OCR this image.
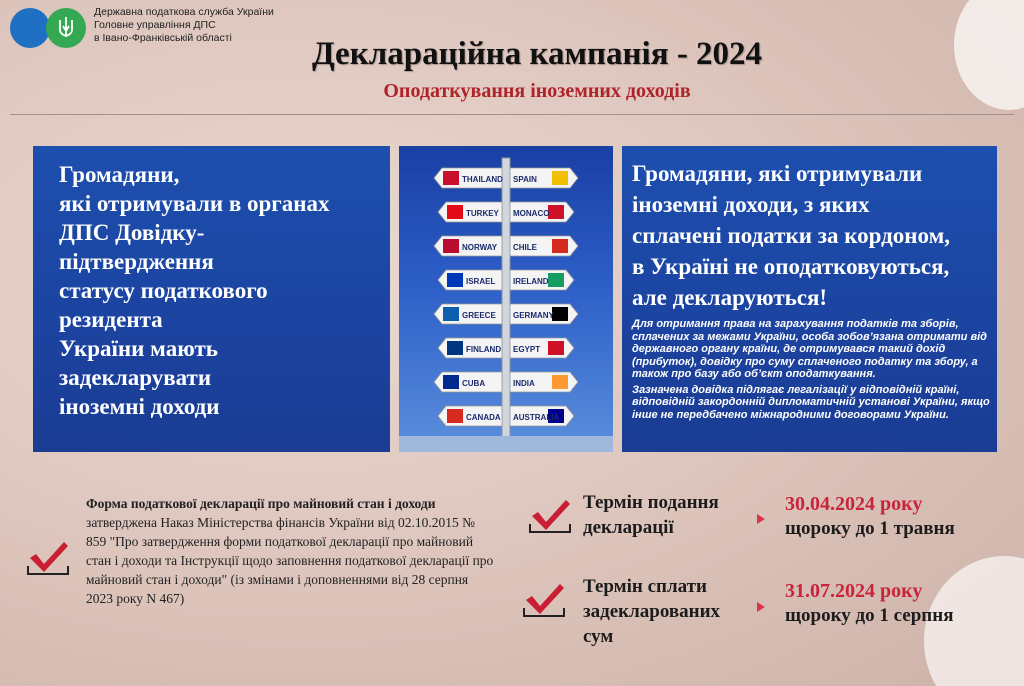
Державна податкова служба України
Головне управління ДПС
в Івано-Франківській області	Деклараційна кампанія - 2024
Оподаткування іноземних доходів
Громадяни,
які отримували в органах
ДПС Довідку-
підтвердження
статусу податкового
резидента
України мають
задекларувати
іноземні доходи
THAILAND
TURKEY
NORWAY
ISRAEL
GREECE
FINLAND
CUBA
CANADA
SPAIN
MONACO
CHILE
IRELAND
GERMANY
EGYPT
INDIA
AUSTRALIA
Громадяни, які отримували
іноземні доходи, з яких
сплачені податки за кордоном,
в Україні не оподатковуються,
але декларуються!

Для отримання права на зарахування податків та зборів, сплачених за межами України, особа зобов’язана отримати від державного органу країни, де отримувався такий дохід (прибуток), довідку про суму сплаченого податку та збору, а також про базу або об’єкт оподаткування.

Зазначена довідка підлягає легалізації у відповідній країні, відповідній закордонній дипломатичній установі України, якщо інше не передбачено міжнародними договорами України.

Форма податкової декларації про майновий стан і доходи затверджена Наказ Міністерства фінансів України від 02.10.2015 № 859 "Про затвердження форми податкової декларації про майновий стан і доходи та Інструкції щодо заповнення податкової декларації про майновий стан і доходи" (із змінами і доповненнями від 28 серпня 2023 року N 467)
Термін подання
декларації
30.04.2024 року
щороку до 1 травня
Термін сплати
задекларованих
сум
31.07.2024 року
щороку до 1 серпня
